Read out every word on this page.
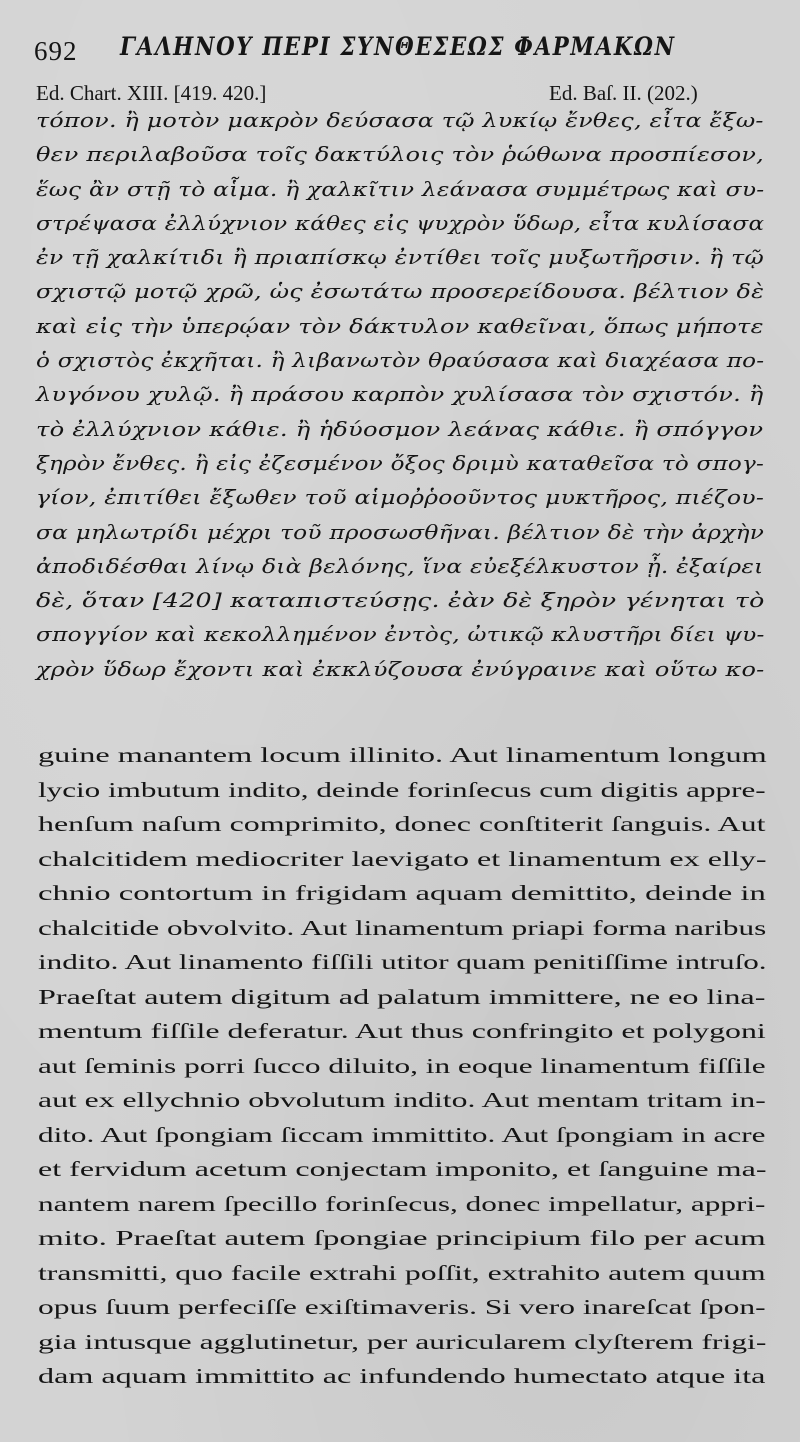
692 ΓΑΛΗΝΟΥ ΠΕΡΙ ΣΥΝΘΕΣΕΩΣ ΦΑΡΜΑΚΩΝ
Ed. Chart. XIII. [419. 420.]	Ed. Baſ. II. (202.)
τόπον. ἢ μοτὸν μακρὸν δεύσασα τῷ λυκίῳ ἔνθες, εἶτα ἔξω-
θεν περιλαβοῦσα τοῖς δακτύλοις τὸν ῥώθωνα προσπίεσον,
ἕως ἂν στῇ τὸ αἷμα. ἢ χαλκῖτιν λεάνασα συμμέτρως καὶ συ-
στρέψασα ἐλλύχνιον κάθες εἰς ψυχρὸν ὕδωρ, εἶτα κυλίσασα
ἐν τῇ χαλκίτιδι ἢ πριαπίσκῳ ἐντίθει τοῖς μυξωτῆρσιν. ἢ τῷ
σχιστῷ μοτῷ χρῶ, ὡς ἐσωτάτω προσερείδουσα. βέλτιον δὲ
καὶ εἰς τὴν ὑπερῴαν τὸν δάκτυλον καθεῖναι, ὅπως μήποτε
ὁ σχιστὸς ἐκχῆται. ἢ λιβανωτὸν θραύσασα καὶ διαχέασα πο-
λυγόνου χυλῷ. ἢ πράσου καρπὸν χυλίσασα τὸν σχιστόν. ἢ
τὸ ἐλλύχνιον κάθιε. ἢ ἡδύοσμον λεάνας κάθιε. ἢ σπόγγον
ξηρὸν ἔνθες. ἢ εἰς ἐζεσμένον ὄξος δριμὺ καταθεῖσα τὸ σπογ-
γίον, ἐπιτίθει ἔξωθεν τοῦ αἱμοῤῥοοῦντος μυκτῆρος, πιέζου-
σα μηλωτρίδι μέχρι τοῦ προσωσθῆναι. βέλτιον δὲ τὴν ἀρχὴν
ἀποδιδέσθαι λίνῳ διὰ βελόνης, ἵνα εὐεξέλκυστον ᾖ. ἐξαίρει
δὲ, ὅταν [420] καταπιστεύσῃς. ἐὰν δὲ ξηρὸν γένηται τὸ
σπογγίον καὶ κεκολλημένον ἐντὸς, ὠτικῷ κλυστῆρι δίει ψυ-
χρὸν ὕδωρ ἔχοντι καὶ ἐκκλύζουσα ἐνύγραινε καὶ οὕτω κο-
guine manantem locum illinito. Aut linamentum longum
lycio imbutum indito, deinde forinſecus cum digitis appre-
henſum naſum comprimito, donec conſtiterit ſanguis. Aut
chalcitidem mediocriter laevigato et linamentum ex elly-
chnio contortum in frigidam aquam demittito, deinde in
chalcitide obvolvito. Aut linamentum priapi forma naribus
indito. Aut linamento fiſſili utitor quam penitiſſime intruſo.
Praeſtat autem digitum ad palatum immittere, ne eo lina-
mentum fiſſile deferatur. Aut thus confringito et polygoni
aut ſeminis porri ſucco diluito, in eoque linamentum fiſſile
aut ex ellychnio obvolutum indito. Aut mentam tritam in-
dito. Aut ſpongiam ſiccam immittito. Aut ſpongiam in acre
et fervidum acetum conjectam imponito, et ſanguine ma-
nantem narem ſpecillo forinſecus, donec impellatur, appri-
mito. Praeſtat autem ſpongiae principium filo per acum
transmitti, quo facile extrahi poſſit, extrahito autem quum
opus ſuum perfeciſſe exiſtimaveris. Si vero inareſcat ſpon-
gia intusque agglutinetur, per auricularem clyſterem frigi-
dam aquam immittito ac infundendo humectato atque ita
